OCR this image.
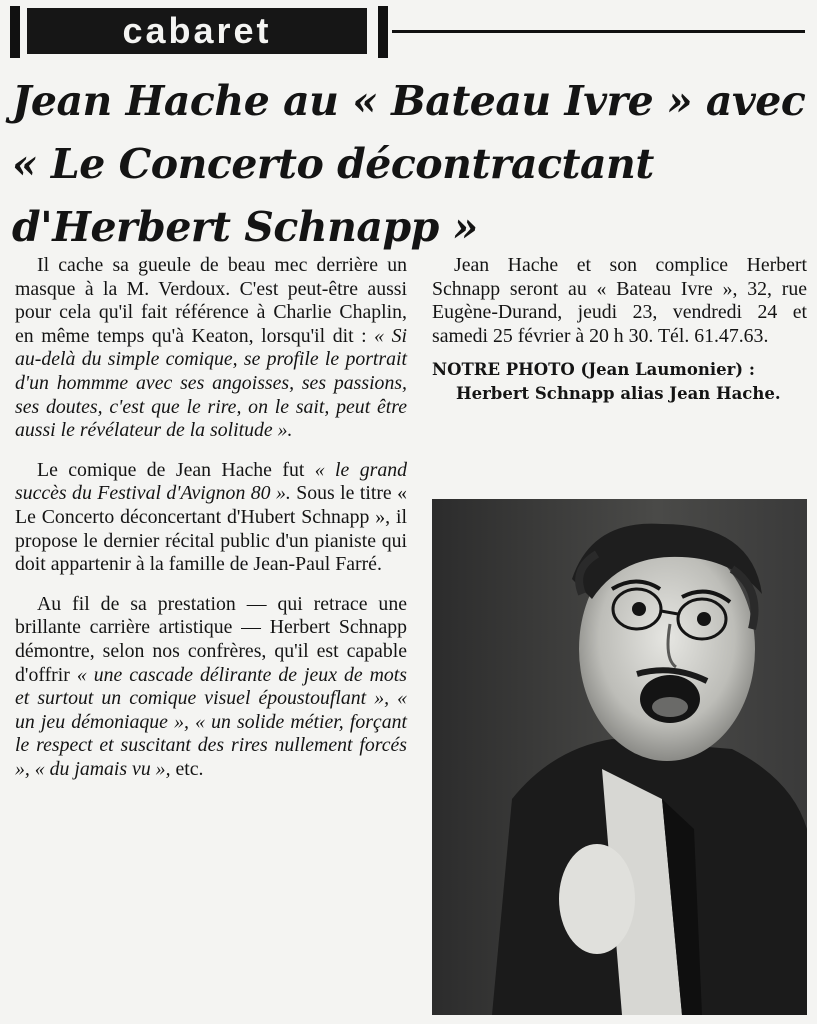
cabaret
Jean Hache au « Bateau Ivre » avec
« Le Concerto décontractant
d'Herbert Schnapp »

Il cache sa gueule de beau mec derrière un masque à la M. Verdoux. C'est peut-être aussi pour cela qu'il fait référence à Charlie Chaplin, en même temps qu'à Keaton, lorsqu'il dit : « Si au-delà du simple comique, se profile le portrait d'un hommme avec ses angoisses, ses passions, ses doutes, c'est que le rire, on le sait, peut être aussi le révélateur de la solitude ».

Le comique de Jean Hache fut « le grand succès du Festival d'Avignon 80 ». Sous le titre « Le Concerto déconcertant d'Hubert Schnapp », il propose le dernier récital public d'un pianiste qui doit appartenir à la famille de Jean-Paul Farré.

Au fil de sa prestation — qui retrace une brillante carrière artistique — Herbert Schnapp démontre, selon nos confrères, qu'il est capable d'offrir « une cascade délirante de jeux de mots et surtout un comique visuel époustouflant », « un jeu démoniaque », « un solide métier, forçant le respect et suscitant des rires nullement forcés », « du jamais vu », etc.

Jean Hache et son complice Herbert Schnapp seront au « Bateau Ivre », 32, rue Eugène-Durand, jeudi 23, vendredi 24 et samedi 25 février à 20 h 30. Tél. 61.47.63.

NOTRE PHOTO (Jean Laumonier) :
Herbert Schnapp alias Jean Hache.
